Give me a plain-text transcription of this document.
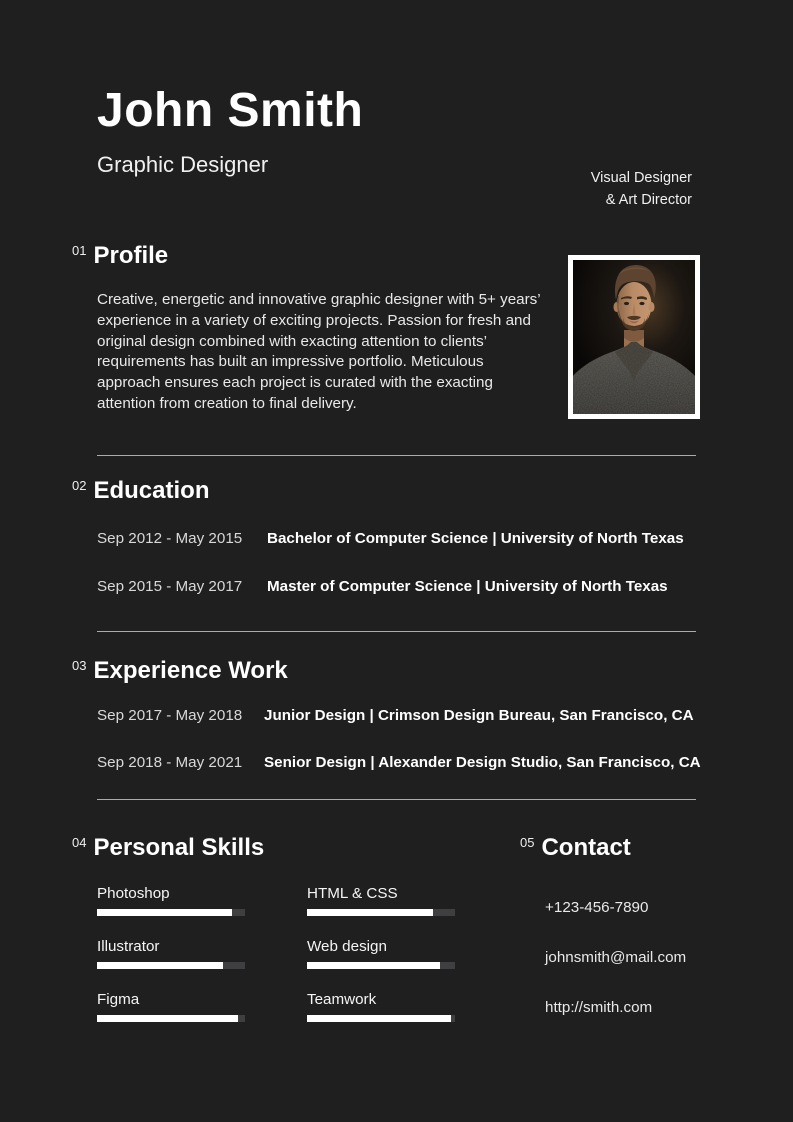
John Smith

Graphic Designer

Visual Designer
& Art Director
01 Profile

Creative, energetic and innovative graphic designer with 5+ years’ experience in a variety of exciting projects. Passion for fresh and original design combined with exacting attention to clients’ requirements has built an impressive portfolio. Meticulous approach ensures each project is curated with the exacting attention from creation to final delivery.

02 Education
Sep 2012 - May 2015	Bachelor of Computer Science | University of North Texas
Sep 2015 - May 2017	Master of Computer Science | University of North Texas
03 Experience Work
Sep 2017 - May 2018	Junior Design | Crimson Design Bureau, San Francisco, CA
Sep 2018 - May 2021	Senior Design | Alexander Design Studio, San Francisco, CA
04 Personal Skills
Photoshop
Illustrator
Figma
HTML & CSS
Web design
Teamwork
05 Contact
+123-456-7890
johnsmith@mail.com
http://smith.com
